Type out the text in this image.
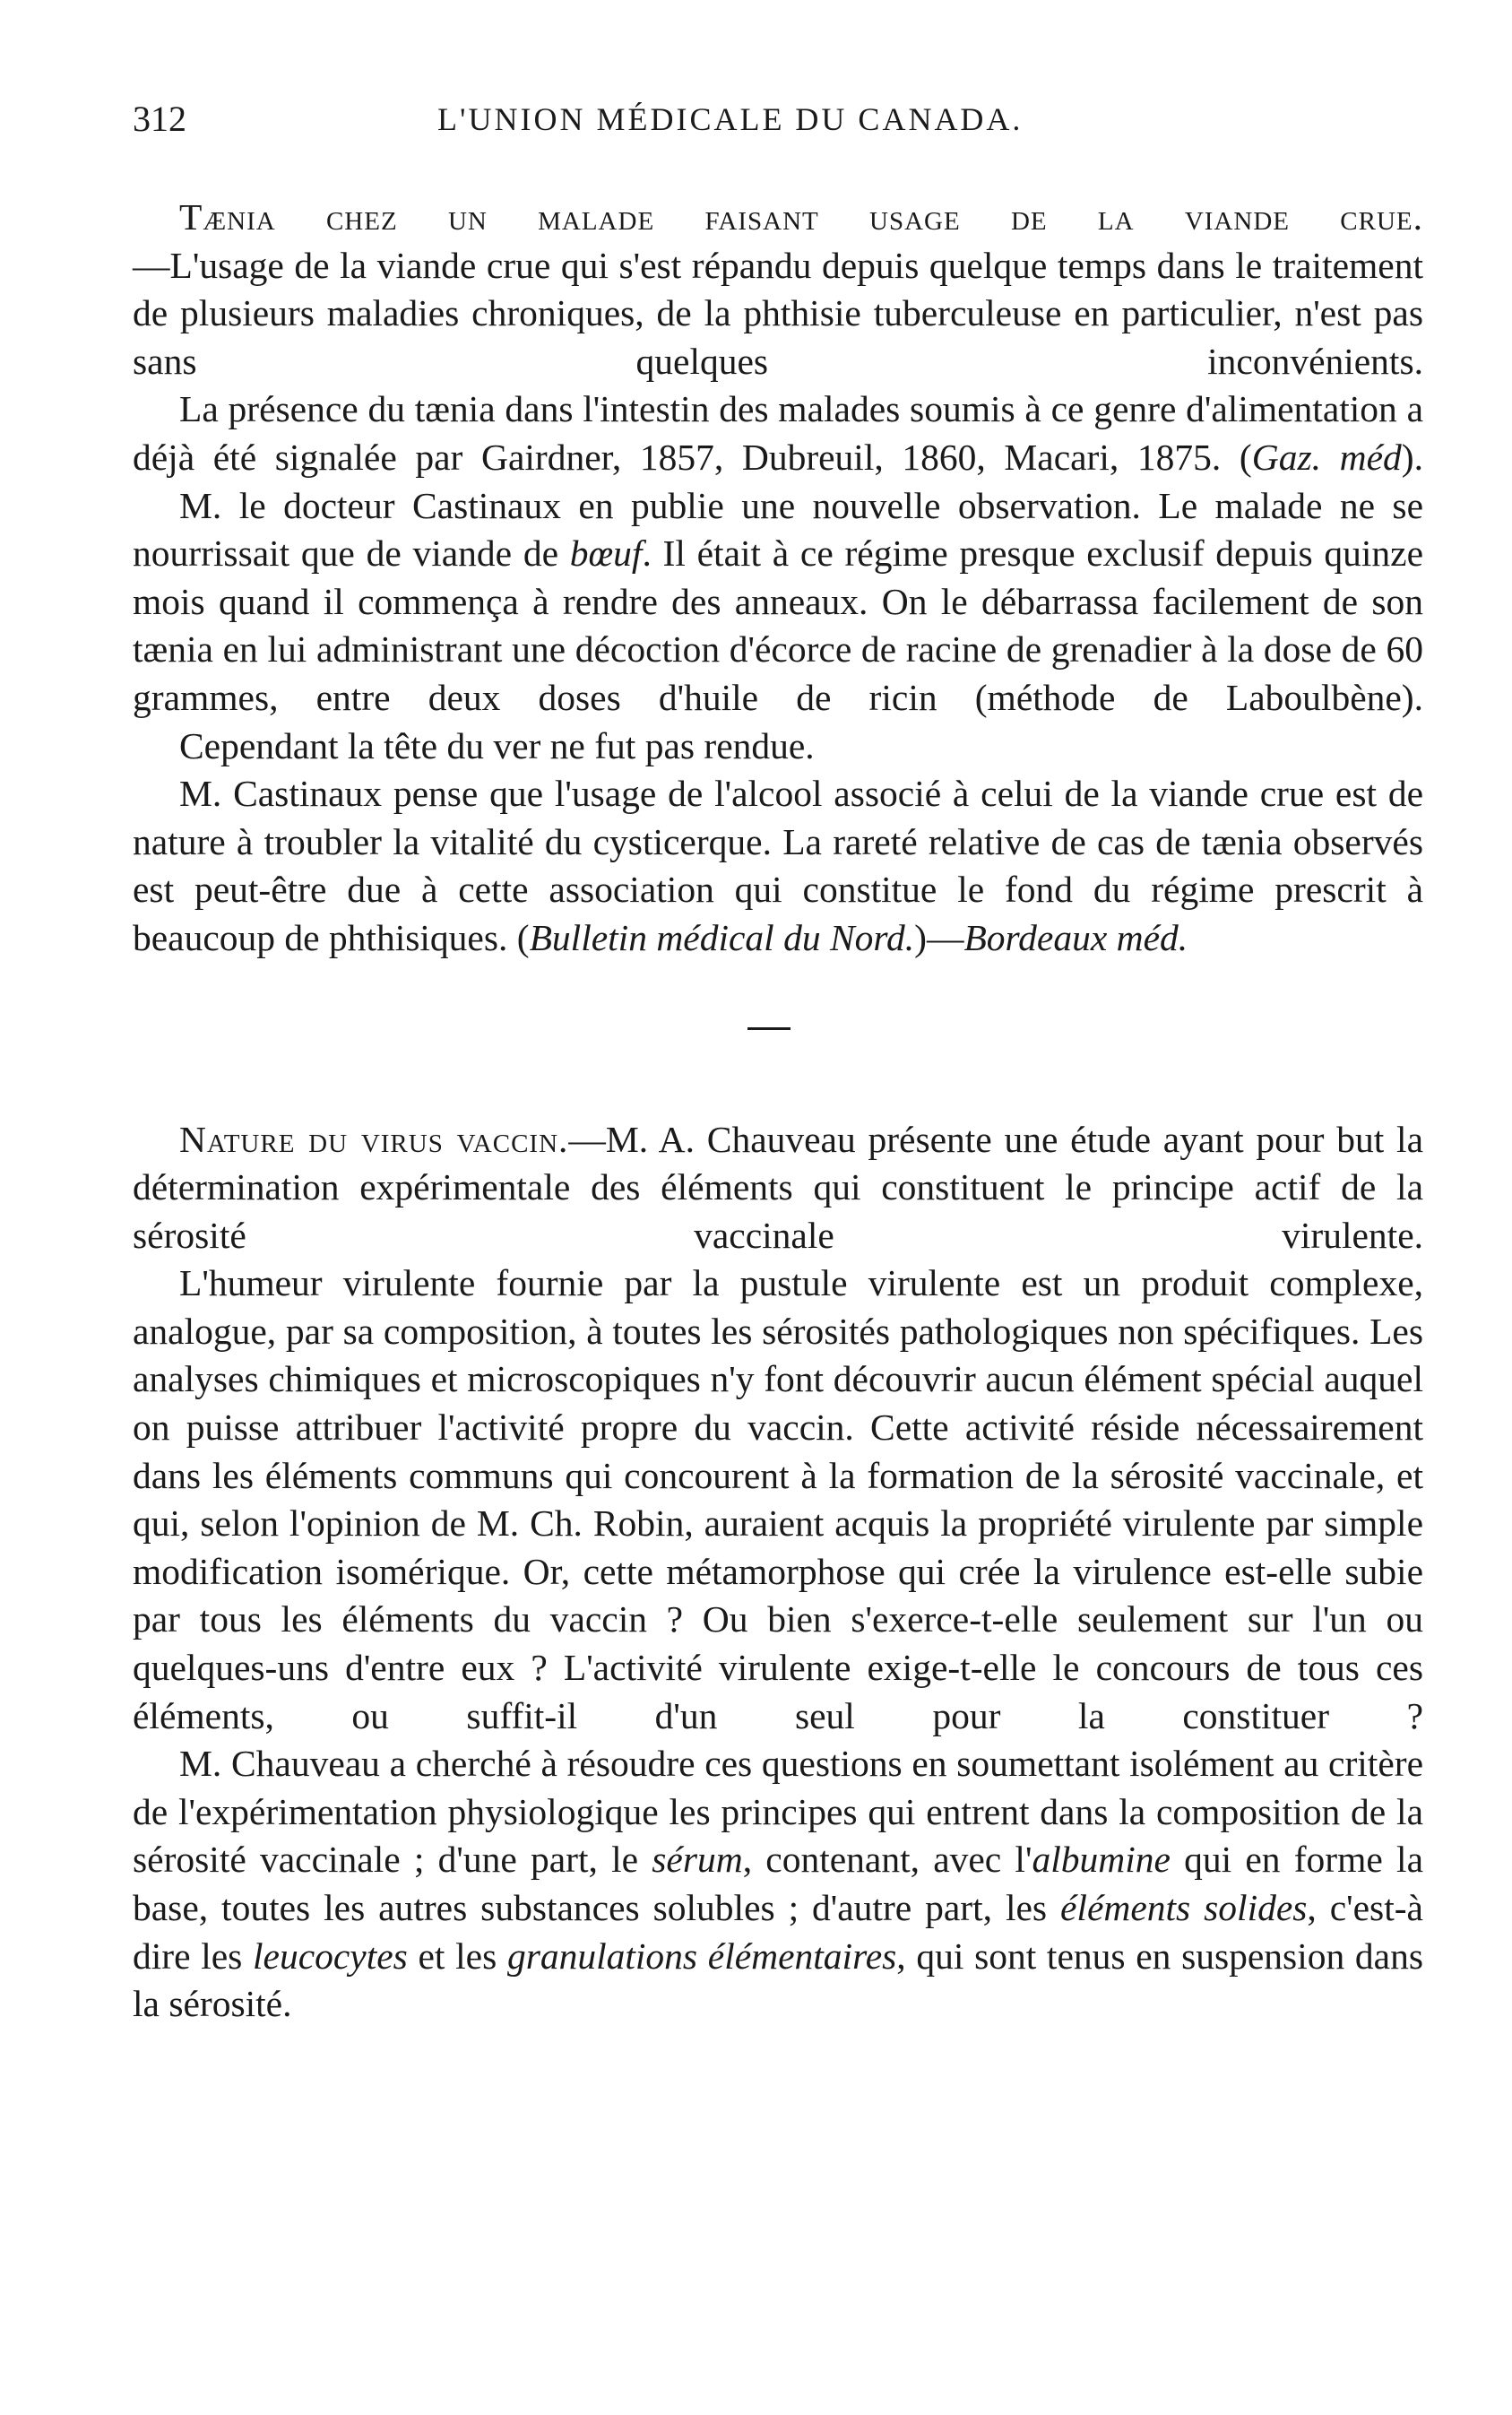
312	L'UNION MÉDICALE DU CANADA.

Tænia chez un malade faisant usage de la viande crue.
—L'usage de la viande crue qui s'est répandu depuis quelque temps dans le traitement de plusieurs maladies chroniques, de la phthisie tuberculeuse en particulier, n'est pas sans quelques inconvénients.

La présence du tænia dans l'intestin des malades soumis à ce genre d'alimentation a déjà été signalée par Gairdner, 1857, Dubreuil, 1860, Macari, 1875. (Gaz. méd).

M. le docteur Castinaux en publie une nouvelle observation. Le malade ne se nourrissait que de viande de bœuf. Il était à ce régime presque exclusif depuis quinze mois quand il commença à rendre des anneaux. On le débarrassa facilement de son tænia en lui administrant une décoction d'écorce de racine de grenadier à la dose de 60 grammes, entre deux doses d'huile de ricin (méthode de Laboulbène).

Cependant la tête du ver ne fut pas rendue.

M. Castinaux pense que l'usage de l'alcool associé à celui de la viande crue est de nature à troubler la vitalité du cysticerque. La rareté relative de cas de tænia observés est peut-être due à cette association qui constitue le fond du régime prescrit à beaucoup de phthisiques. (Bulletin médical du Nord.)—Bordeaux méd.

Nature du virus vaccin.—M. A. Chauveau présente une étude ayant pour but la détermination expérimentale des éléments qui constituent le principe actif de la sérosité vaccinale virulente.

L'humeur virulente fournie par la pustule virulente est un produit complexe, analogue, par sa composition, à toutes les sérosités pathologiques non spécifiques. Les analyses chimiques et microscopiques n'y font découvrir aucun élément spécial auquel on puisse attribuer l'activité propre du vaccin. Cette activité réside nécessairement dans les éléments communs qui concourent à la formation de la sérosité vaccinale, et qui, selon l'opinion de M. Ch. Robin, auraient acquis la propriété virulente par simple modification isomérique. Or, cette métamorphose qui crée la virulence est-elle subie par tous les éléments du vaccin ? Ou bien s'exerce-t-elle seulement sur l'un ou quelques-uns d'entre eux ? L'activité virulente exige-t-elle le concours de tous ces éléments, ou suffit-il d'un seul pour la constituer ?

M. Chauveau a cherché à résoudre ces questions en soumettant isolément au critère de l'expérimentation physiologique les principes qui entrent dans la composition de la sérosité vaccinale ; d'une part, le sérum, contenant, avec l'albumine qui en forme la base, toutes les autres substances solubles ; d'autre part, les éléments solides, c'est-à dire les leucocytes et les granulations élémentaires, qui sont tenus en suspension dans la sérosité.
